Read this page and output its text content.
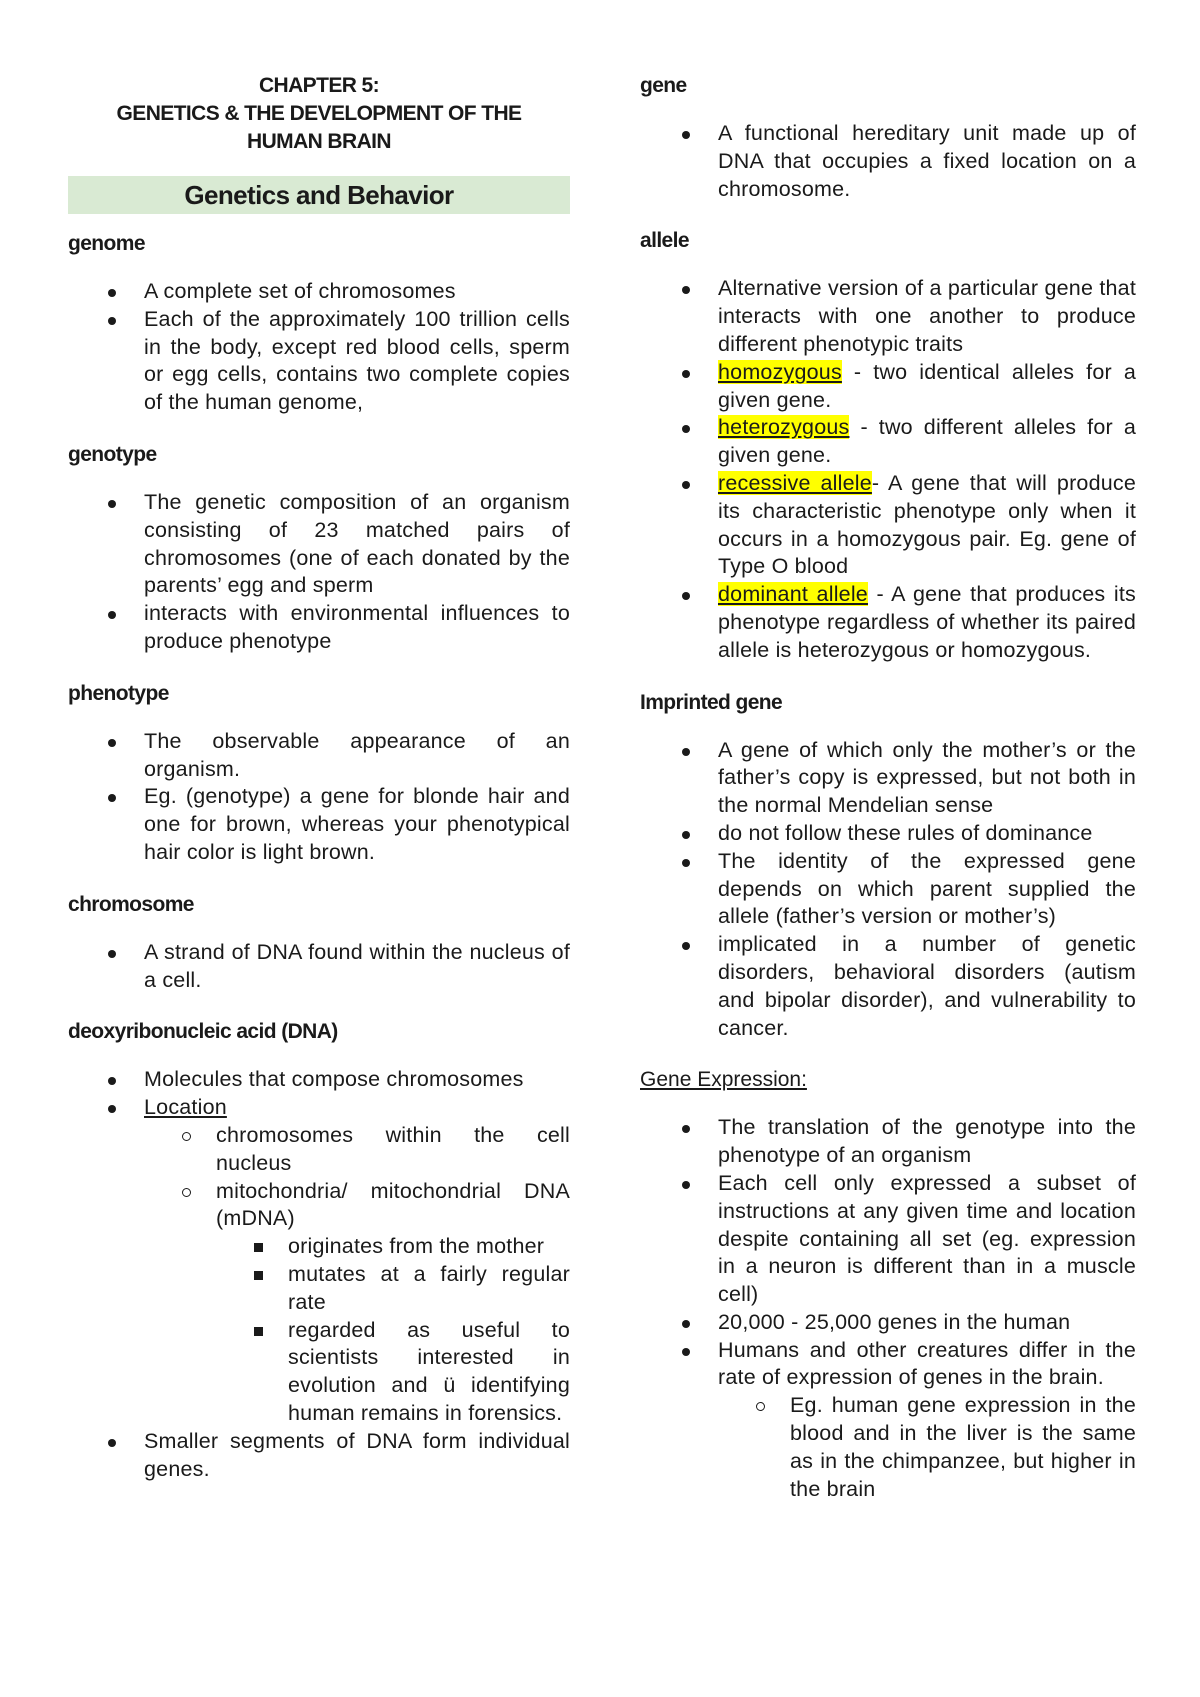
CHAPTER 5:
GENETICS & THE DEVELOPMENT OF THE
HUMAN BRAIN
Genetics and Behavior
genome
A complete set of chromosomes
Each of the approximately 100 trillion cells in the body, except red blood cells, sperm or egg cells, contains two complete copies of the human genome,
genotype
The genetic composition of an organism consisting of 23 matched pairs of chromosomes (one of each donated by the parents’ egg and sperm
interacts with environmental influences to produce phenotype
phenotype
The observable appearance of an organism.
Eg. (genotype) a gene for blonde hair and one for brown, whereas your phenotypical hair color is light brown.
chromosome
A strand of DNA found within the nucleus of a cell.
deoxyribonucleic acid (DNA)
Molecules that compose chromosomes
Location
chromosomes within the cell nucleus
mitochondria/ mitochondrial DNA (mDNA)
originates from the mother
mutates at a fairly regular rate
regarded as useful to scientists interested in evolution and ü identifying human remains in forensics.
Smaller segments of DNA form individual genes.
gene
A functional hereditary unit made up of DNA that occupies a fixed location on a chromosome.
allele
Alternative version of a particular gene that interacts with one another to produce different phenotypic traits
homozygous - two identical alleles for a given gene.
heterozygous - two different alleles for a given gene.
recessive allele- A gene that will produce its characteristic phenotype only when it occurs in a homozygous pair. Eg. gene of Type O blood
dominant allele - A gene that produces its phenotype regardless of whether its paired allele is heterozygous or homozygous.
Imprinted gene
A gene of which only the mother’s or the father’s copy is expressed, but not both in the normal Mendelian sense
do not follow these rules of dominance
The identity of the expressed gene depends on which parent supplied the allele (father’s version or mother’s)
implicated in a number of genetic disorders, behavioral disorders (autism and bipolar disorder), and vulnerability to cancer.
Gene Expression:
The translation of the genotype into the phenotype of an organism
Each cell only expressed a subset of instructions at any given time and location despite containing all set (eg. expression in a neuron is different than in a muscle cell)
20,000 - 25,000 genes in the human
Humans and other creatures differ in the rate of expression of genes in the brain.
Eg. human gene expression in the blood and in the liver is the same as in the chimpanzee, but higher in the brain
